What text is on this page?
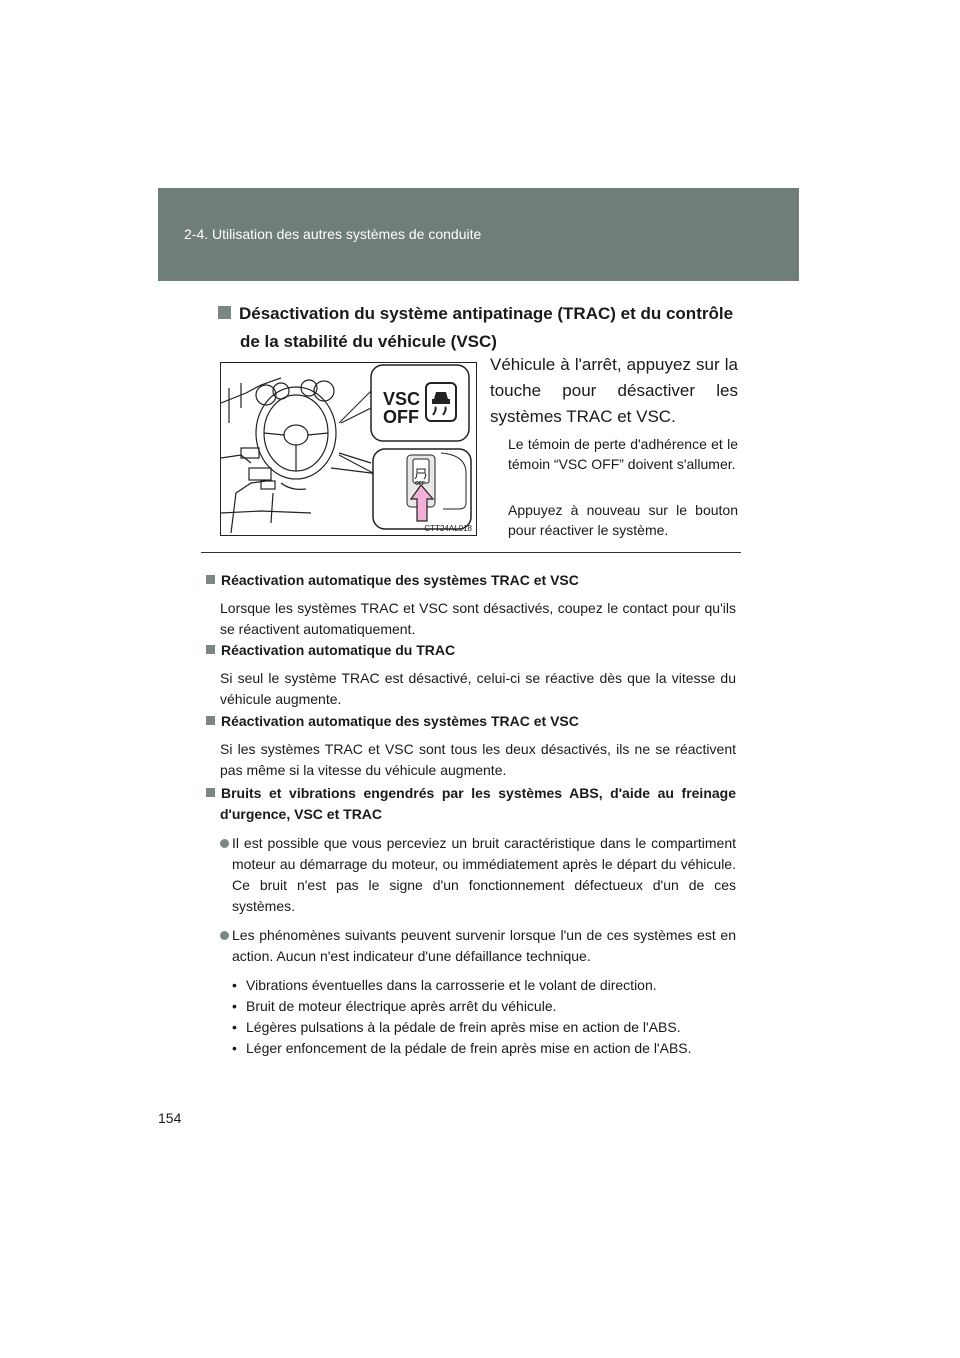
2-4. Utilisation des autres systèmes de conduite
Désactivation du système antipatinage (TRAC) et du contrôle
de la stabilité du véhicule (VSC)
VSC
OFF
OFF
CTT24AL018
Véhicule à l'arrêt, appuyez sur la touche pour désactiver les systèmes TRAC et VSC.
Le témoin de perte d'adhérence et le témoin “VSC OFF” doivent s'allumer.
Appuyez à nouveau sur le bouton pour réactiver le système.
Réactivation automatique des systèmes TRAC et VSC
Lorsque les systèmes TRAC et VSC sont désactivés, coupez le contact pour qu'ils se réactivent automatiquement.
Réactivation automatique du TRAC
Si seul le système TRAC est désactivé, celui-ci se réactive dès que la vitesse du véhicule augmente.
Réactivation automatique des systèmes TRAC et VSC
Si les systèmes TRAC et VSC sont tous les deux désactivés, ils ne se réactivent pas même si la vitesse du véhicule augmente.
Bruits et vibrations engendrés par les systèmes ABS, d'aide au freinage d'urgence, VSC et TRAC
Il est possible que vous perceviez un bruit caractéristique dans le compartiment moteur au démarrage du moteur, ou immédiatement après le départ du véhicule. Ce bruit n'est pas le signe d'un fonctionnement défectueux d'un de ces systèmes.
Les phénomènes suivants peuvent survenir lorsque l'un de ces systèmes est en action. Aucun n'est indicateur d'une défaillance technique.
• Vibrations éventuelles dans la carrosserie et le volant de direction.
• Bruit de moteur électrique après arrêt du véhicule.
• Légères pulsations à la pédale de frein après mise en action de l'ABS.
• Léger enfoncement de la pédale de frein après mise en action de l'ABS.
154
